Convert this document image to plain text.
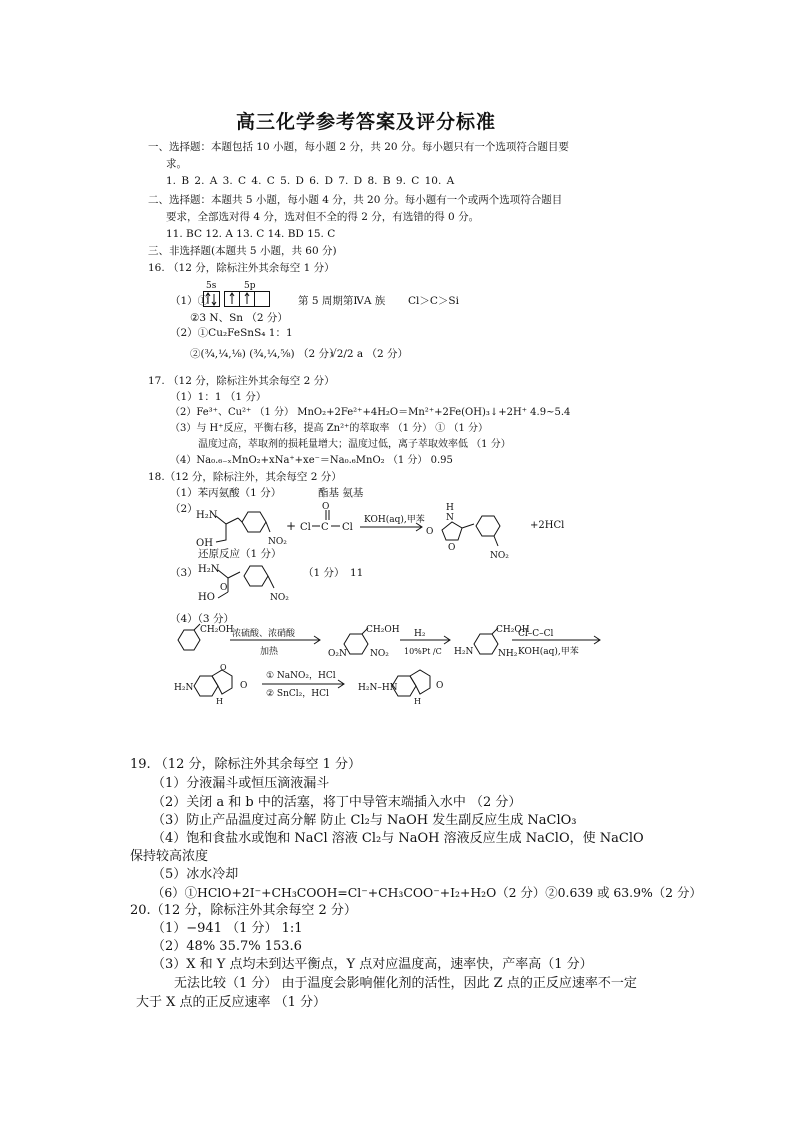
高三化学参考答案及评分标准
一、选择题：本题包括 10 小题，每小题 2 分，共 20 分。每小题只有一个选项符合题目要
求。
1. B 2. A 3. C 4. C 5. D 6. D 7. D 8. B 9. C 10. A
二、选择题：本题共 5 小题，每小题 4 分，共 20 分。每小题有一个或两个选项符合题目
要求，全部选对得 4 分，选对但不全的得 2 分，有选错的得 0 分。
11. BC 12. A 13. C 14. BD 15. C
三、非选择题(本题共 5 小题，共 60 分)
16. （12 分，除标注外其余每空 1 分）
5s	5p
（1）①	第 5 周期第ⅣA 族 Cl＞C＞Si
②3 N、Sn （2 分）
（2）①Cu₂FeSnS₄ 1：1
②(¾,¼,⅛) (¾,¼,⅝) （2 分）
√2/2 a （2 分）
17. （12 分，除标注外其余每空 2 分）
（1）1：1 （1 分）
（2）Fe³⁺、Cu²⁺ （1 分） MnO₂+2Fe²⁺+4H₂O＝Mn²⁺+2Fe(OH)₃↓+2H⁺ 4.9~5.4
（3）与 H⁺反应，平衡右移，提高 Zn²⁺的萃取率 （1 分） ① （1 分）
温度过高，萃取剂的损耗量增大；温度过低，离子萃取效率低 （1 分）
（4）Na₀.₆₋ₓMnO₂+xNa⁺+xe⁻＝Na₀.₆MnO₂ （1 分） 0.95
18.（12 分，除标注外，其余每空 2 分）
（1）苯丙氨酸（1 分）	酯基 氨基
（2）
H₂N
OH	NO₂
+ Cl C
O
Cl
KOH(aq),甲苯
H
N
O
O
NO₂
+2HCl
还原反应（1 分）
（3） H₂N
HO
O
NO₂
（1 分） 11
（4）（3 分）
CH₂OH
浓硫酸、浓硝酸
加热	O₂N
CH₂OH
NO₂
H₂
10%Pt /C H₂N
CH₂OH
NH₂
Cl–C–Cl
KOH(aq),甲苯
H₂N
O
O
H
① NaNO₂，HCl
② SnCl₂，HCl
H₂N–HN	O
H
19. （12 分，除标注外其余每空 1 分）
（1）分液漏斗或恒压滴液漏斗
（2）关闭 a 和 b 中的活塞，将丁中导管末端插入水中 （2 分）
（3）防止产品温度过高分解 防止 Cl₂与 NaOH 发生副反应生成 NaClO₃
（4）饱和食盐水或饱和 NaCl 溶液 Cl₂与 NaOH 溶液反应生成 NaClO，使 NaClO
保持较高浓度
（5）冰水冷却
（6）①HClO+2I⁻+CH₃COOH=Cl⁻+CH₃COO⁻+I₂+H₂O（2 分）②0.639 或 63.9%（2 分）
20.（12 分，除标注外其余每空 2 分）
（1）−941 （1 分） 1:1
（2）48% 35.7% 153.6
（3）X 和 Y 点均未到达平衡点，Y 点对应温度高，速率快，产率高（1 分）
无法比较（1 分） 由于温度会影响催化剂的活性，因此 Z 点的正反应速率不一定
大于 X 点的正反应速率 （1 分）
